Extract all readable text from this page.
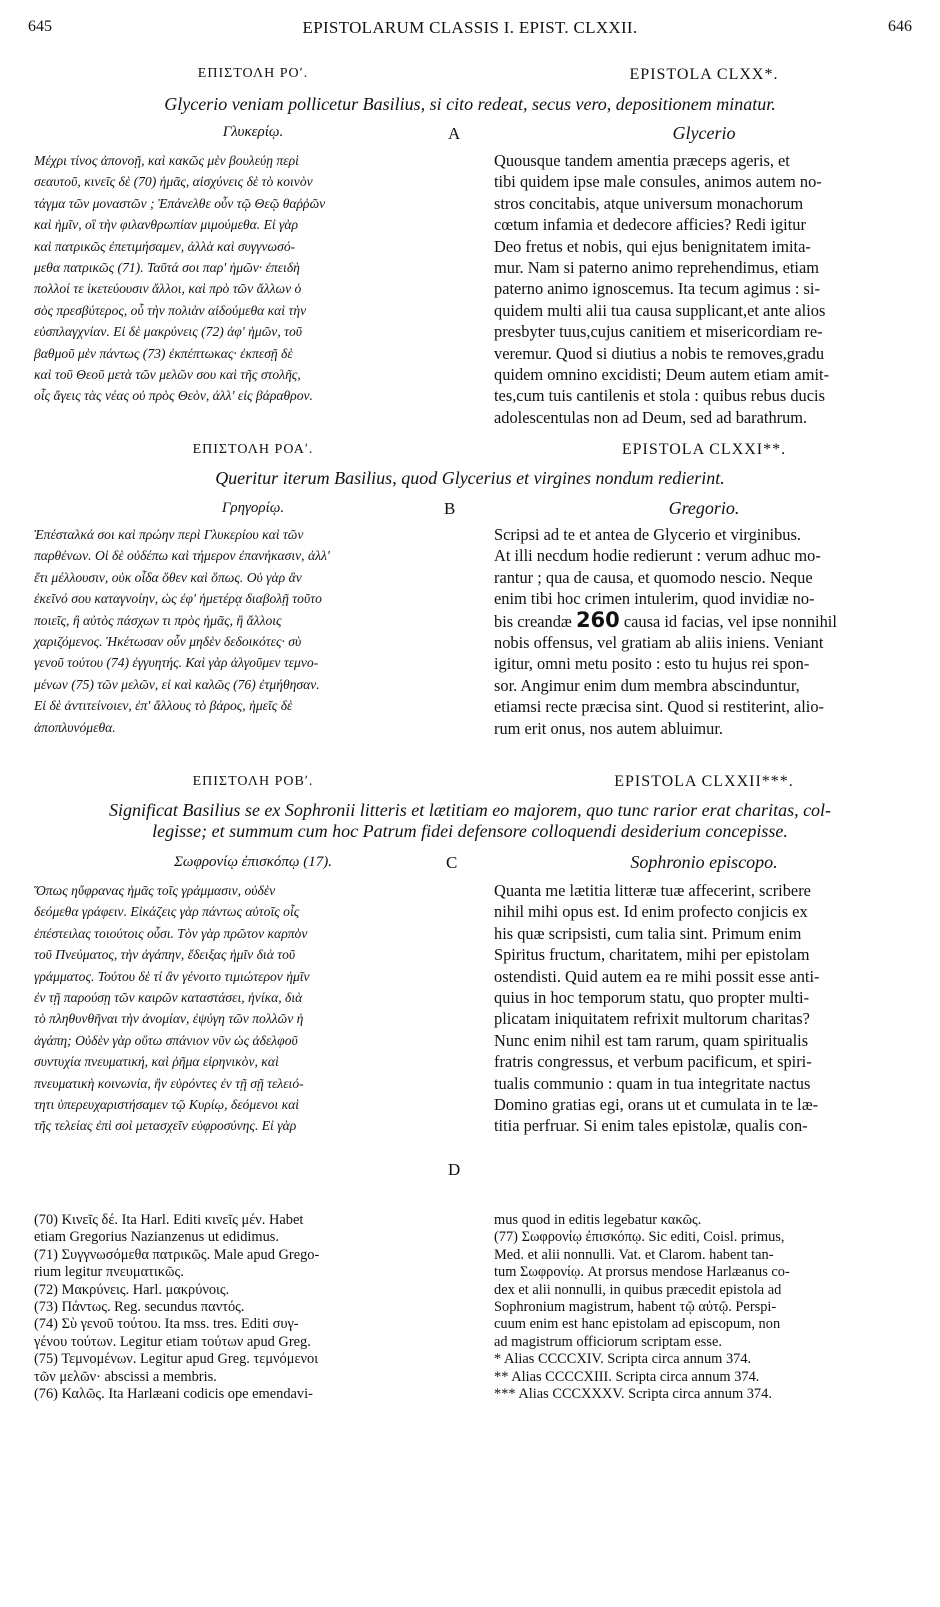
645	EPISTOLARUM CLASSIS I. EPIST. CLXXII.	646
ΕΠΙΣΤΟΛΗ ΡΟʹ.	EPISTOLA CLXX*.
Glycerio veniam pollicetur Basilius, si cito redeat, secus vero, depositionem minatur.
Γλυκερίῳ.	A	Glycerio

Μέχρι τίνος ἀπονοῇ, καὶ κακῶς μὲν βουλεύῃ περὶ

σεαυτοῦ, κινεῖς δὲ (70) ἡμᾶς, αἰσχύνεις δὲ τὸ κοινὸν

τάγμα τῶν μοναστῶν ; Ἐπάνελθε οὖν τῷ Θεῷ θαῤῥῶν

καὶ ἡμῖν, οἳ τὴν φιλανθρωπίαν μιμούμεθα. Εἰ γὰρ

καὶ πατρικῶς ἐπετιμήσαμεν, ἀλλὰ καὶ συγγνωσό-

μεθα πατρικῶς (71). Ταῦτά σοι παρ' ἡμῶν· ἐπειδὴ

πολλοί τε ἱκετεύουσιν ἄλλοι, καὶ πρὸ τῶν ἄλλων ὁ

σὸς πρεσβύτερος, οὗ τὴν πολιὰν αἰδούμεθα καὶ τὴν

εὐσπλαγχνίαν. Εἰ δὲ μακρύνεις (72) ἀφ' ἡμῶν, τοῦ

βαθμοῦ μὲν πάντως (73) ἐκπέπτωκας· ἐκπεσῇ δὲ

καὶ τοῦ Θεοῦ μετὰ τῶν μελῶν σου καὶ τῆς στολῆς,

οἷς ἄγεις τὰς νέας οὐ πρὸς Θεὸν, ἀλλ' εἰς βάραθρον.

Quousque tandem amentia præceps ageris, et

tibi quidem ipse male consules, animos autem no-

stros concitabis, atque universum monachorum

cœtum infamia et dedecore afficies? Redi igitur

Deo fretus et nobis, qui ejus benignitatem imita-

mur. Nam si paterno animo reprehendimus, etiam

paterno animo ignoscemus. Ita tecum agimus : si-

quidem multi alii tua causa supplicant,et ante alios

presbyter tuus,cujus canitiem et misericordiam re-

veremur. Quod si diutius a nobis te removes,gradu

quidem omnino excidisti; Deum autem etiam amit-

tes,cum tuis cantilenis et stola : quibus rebus ducis

adolescentulas non ad Deum, sed ad barathrum.

ΕΠΙΣΤΟΛΗ ΡΟΑʹ.	EPISTOLA CLXXI**.
Queritur iterum Basilius, quod Glycerius et virgines nondum redierint.
Γρηγορίῳ.	B	Gregorio.

Ἐπέσταλκά σοι καὶ πρώην περὶ Γλυκερίου καὶ τῶν

παρθένων. Οἱ δὲ οὐδέπω καὶ τήμερον ἐπανήκασιν, ἀλλ'

ἔτι μέλλουσιν, οὐκ οἶδα ὅθεν καὶ ὅπως. Οὐ γὰρ ἂν

ἐκεῖνό σου καταγνοίην, ὡς ἐφ' ἡμετέρᾳ διαβολῇ τοῦτο

ποιεῖς, ἢ αὐτὸς πάσχων τι πρὸς ἡμᾶς, ἢ ἄλλοις

χαριζόμενος. Ἡκέτωσαν οὖν μηδὲν δεδοικότες· σὺ

γενοῦ τούτου (74) ἐγγυητής. Καὶ γὰρ ἀλγοῦμεν τεμνο-

μένων (75) τῶν μελῶν, εἰ καὶ καλῶς (76) ἐτμήθησαν.

Εἰ δὲ ἀντιτείνοιεν, ἐπ' ἄλλους τὸ βάρος, ἡμεῖς δὲ

ἀποπλυνόμεθα.

Scripsi ad te et antea de Glycerio et virginibus.

At illi necdum hodie redierunt : verum adhuc mo-

rantur ; qua de causa, et quomodo nescio. Neque

enim tibi hoc crimen intulerim, quod invidiæ no-

bis creandæ 260 causa id facias, vel ipse nonnihil

nobis offensus, vel gratiam ab aliis iniens. Veniant

igitur, omni metu posito : esto tu hujus rei spon-

sor. Angimur enim dum membra abscinduntur,

etiamsi recte præcisa sint. Quod si restiterint, alio-

rum erit onus, nos autem abluimur.

ΕΠΙΣΤΟΛΗ ΡΟΒʹ.	EPISTOLA CLXXII***.
Significat Basilius se ex Sophronii litteris et lætitiam eo majorem, quo tunc rarior erat charitas, col-
legisse; et summum cum hoc Patrum fidei defensore colloquendi desiderium concepisse.
Σωφρονίῳ ἐπισκόπῳ (17).	C	Sophronio episcopo.

Ὅπως ηὔφρανας ἡμᾶς τοῖς γράμμασιν, οὐδὲν

δεόμεθα γράφειν. Εἰκάζεις γὰρ πάντως αὐτοῖς οἷς

ἐπέστειλας τοιούτοις οὖσι. Τὸν γὰρ πρῶτον καρπὸν

τοῦ Πνεύματος, τὴν ἀγάπην, ἔδειξας ἡμῖν διὰ τοῦ

γράμματος. Τούτου δὲ τί ἂν γένοιτο τιμιώτερον ἡμῖν

ἐν τῇ παρούσῃ τῶν καιρῶν καταστάσει, ἡνίκα, διὰ

τὸ πληθυνθῆναι τὴν ἀνομίαν, ἐψύγη τῶν πολλῶν ἡ

ἀγάπη; Οὐδὲν γὰρ οὕτω σπάνιον νῦν ὡς ἀδελφοῦ

συντυχία πνευματική, καὶ ῥῆμα εἰρηνικὸν, καὶ

πνευματικὴ κοινωνία, ἣν εὑρόντες ἐν τῇ σῇ τελειό-

τητι ὑπερευχαριστήσαμεν τῷ Κυρίῳ, δεόμενοι καὶ

τῆς τελείας ἐπὶ σοὶ μετασχεῖν εὐφροσύνης. Εἰ γὰρ

D

Quanta me lætitia litteræ tuæ affecerint, scribere

nihil mihi opus est. Id enim profecto conjicis ex

his quæ scripsisti, cum talia sint. Primum enim

Spiritus fructum, charitatem, mihi per epistolam

ostendisti. Quid autem ea re mihi possit esse anti-

quius in hoc temporum statu, quo propter multi-

plicatam iniquitatem refrixit multorum charitas?

Nunc enim nihil est tam rarum, quam spiritualis

fratris congressus, et verbum pacificum, et spiri-

tualis communio : quam in tua integritate nactus

Domino gratias egi, orans ut et cumulata in te læ-

titia perfruar. Si enim tales epistolæ, qualis con-

(70) Κινεῖς δέ. Ita Harl. Editi κινεῖς μέν. Habet

etiam Gregorius Nazianzenus ut edidimus.

(71) Συγγνωσόμεθα πατρικῶς. Male apud Grego-

rium legitur πνευματικῶς.

(72) Μακρύνεις. Harl. μακρύνοις.

(73) Πάντως. Reg. secundus παντός.

(74) Σὺ γενοῦ τούτου. Ita mss. tres. Editi συγ-

γένου τούτων. Legitur etiam τούτων apud Greg.

(75) Τεμνομένων. Legitur apud Greg. τεμνόμενοι

τῶν μελῶν· abscissi a membris.

(76) Καλῶς. Ita Harlæani codicis ope emendavi-

mus quod in editis legebatur κακῶς.

(77) Σωφρονίῳ ἐπισκόπῳ. Sic editi, Coisl. primus,

Med. et alii nonnulli. Vat. et Clarom. habent tan-

tum Σωφρονίῳ. At prorsus mendose Harlæanus co-

dex et alii nonnulli, in quibus præcedit epistola ad

Sophronium magistrum, habent τῷ αὐτῷ. Perspi-

cuum enim est hanc epistolam ad episcopum, non

ad magistrum officiorum scriptam esse.

* Alias CCCCXIV. Scripta circa annum 374.

** Alias CCCCXIII. Scripta circa annum 374.

*** Alias CCCXXXV. Scripta circa annum 374.
